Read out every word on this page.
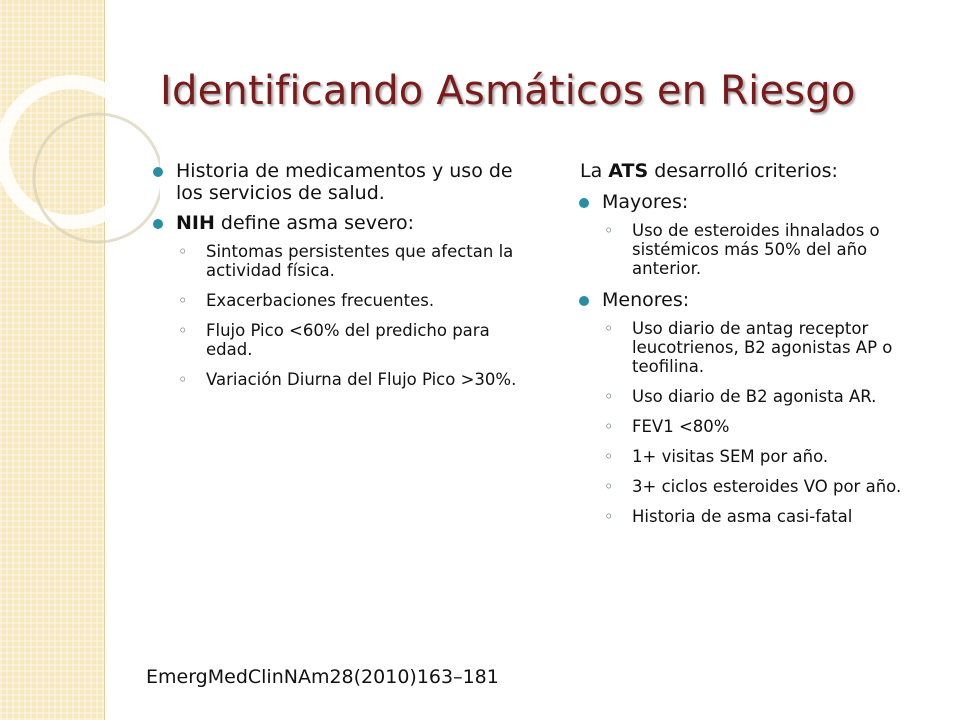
Identificando Asmáticos en Riesgo
Historia de medicamentos y uso de los servicios de salud.
NIH define asma severo:
◦ Sintomas persistentes que afectan la actividad física.
◦ Exacerbaciones frecuentes.
◦ Flujo Pico <60% del predicho para edad.
◦ Variación Diurna del Flujo Pico >30%.
La ATS desarrolló criterios:
Mayores:
◦ Uso de esteroides ihnalados o sistémicos más 50% del año anterior.
Menores:
◦ Uso diario de antag receptor leucotrienos, B2 agonistas AP o teofilina.
◦ Uso diario de B2 agonista AR.
◦ FEV1 <80%
◦ 1+ visitas SEM por año.
◦ 3+ ciclos esteroides VO por año.
◦ Historia de asma casi-fatal
EmergMedClinNAm28(2010)163–181
